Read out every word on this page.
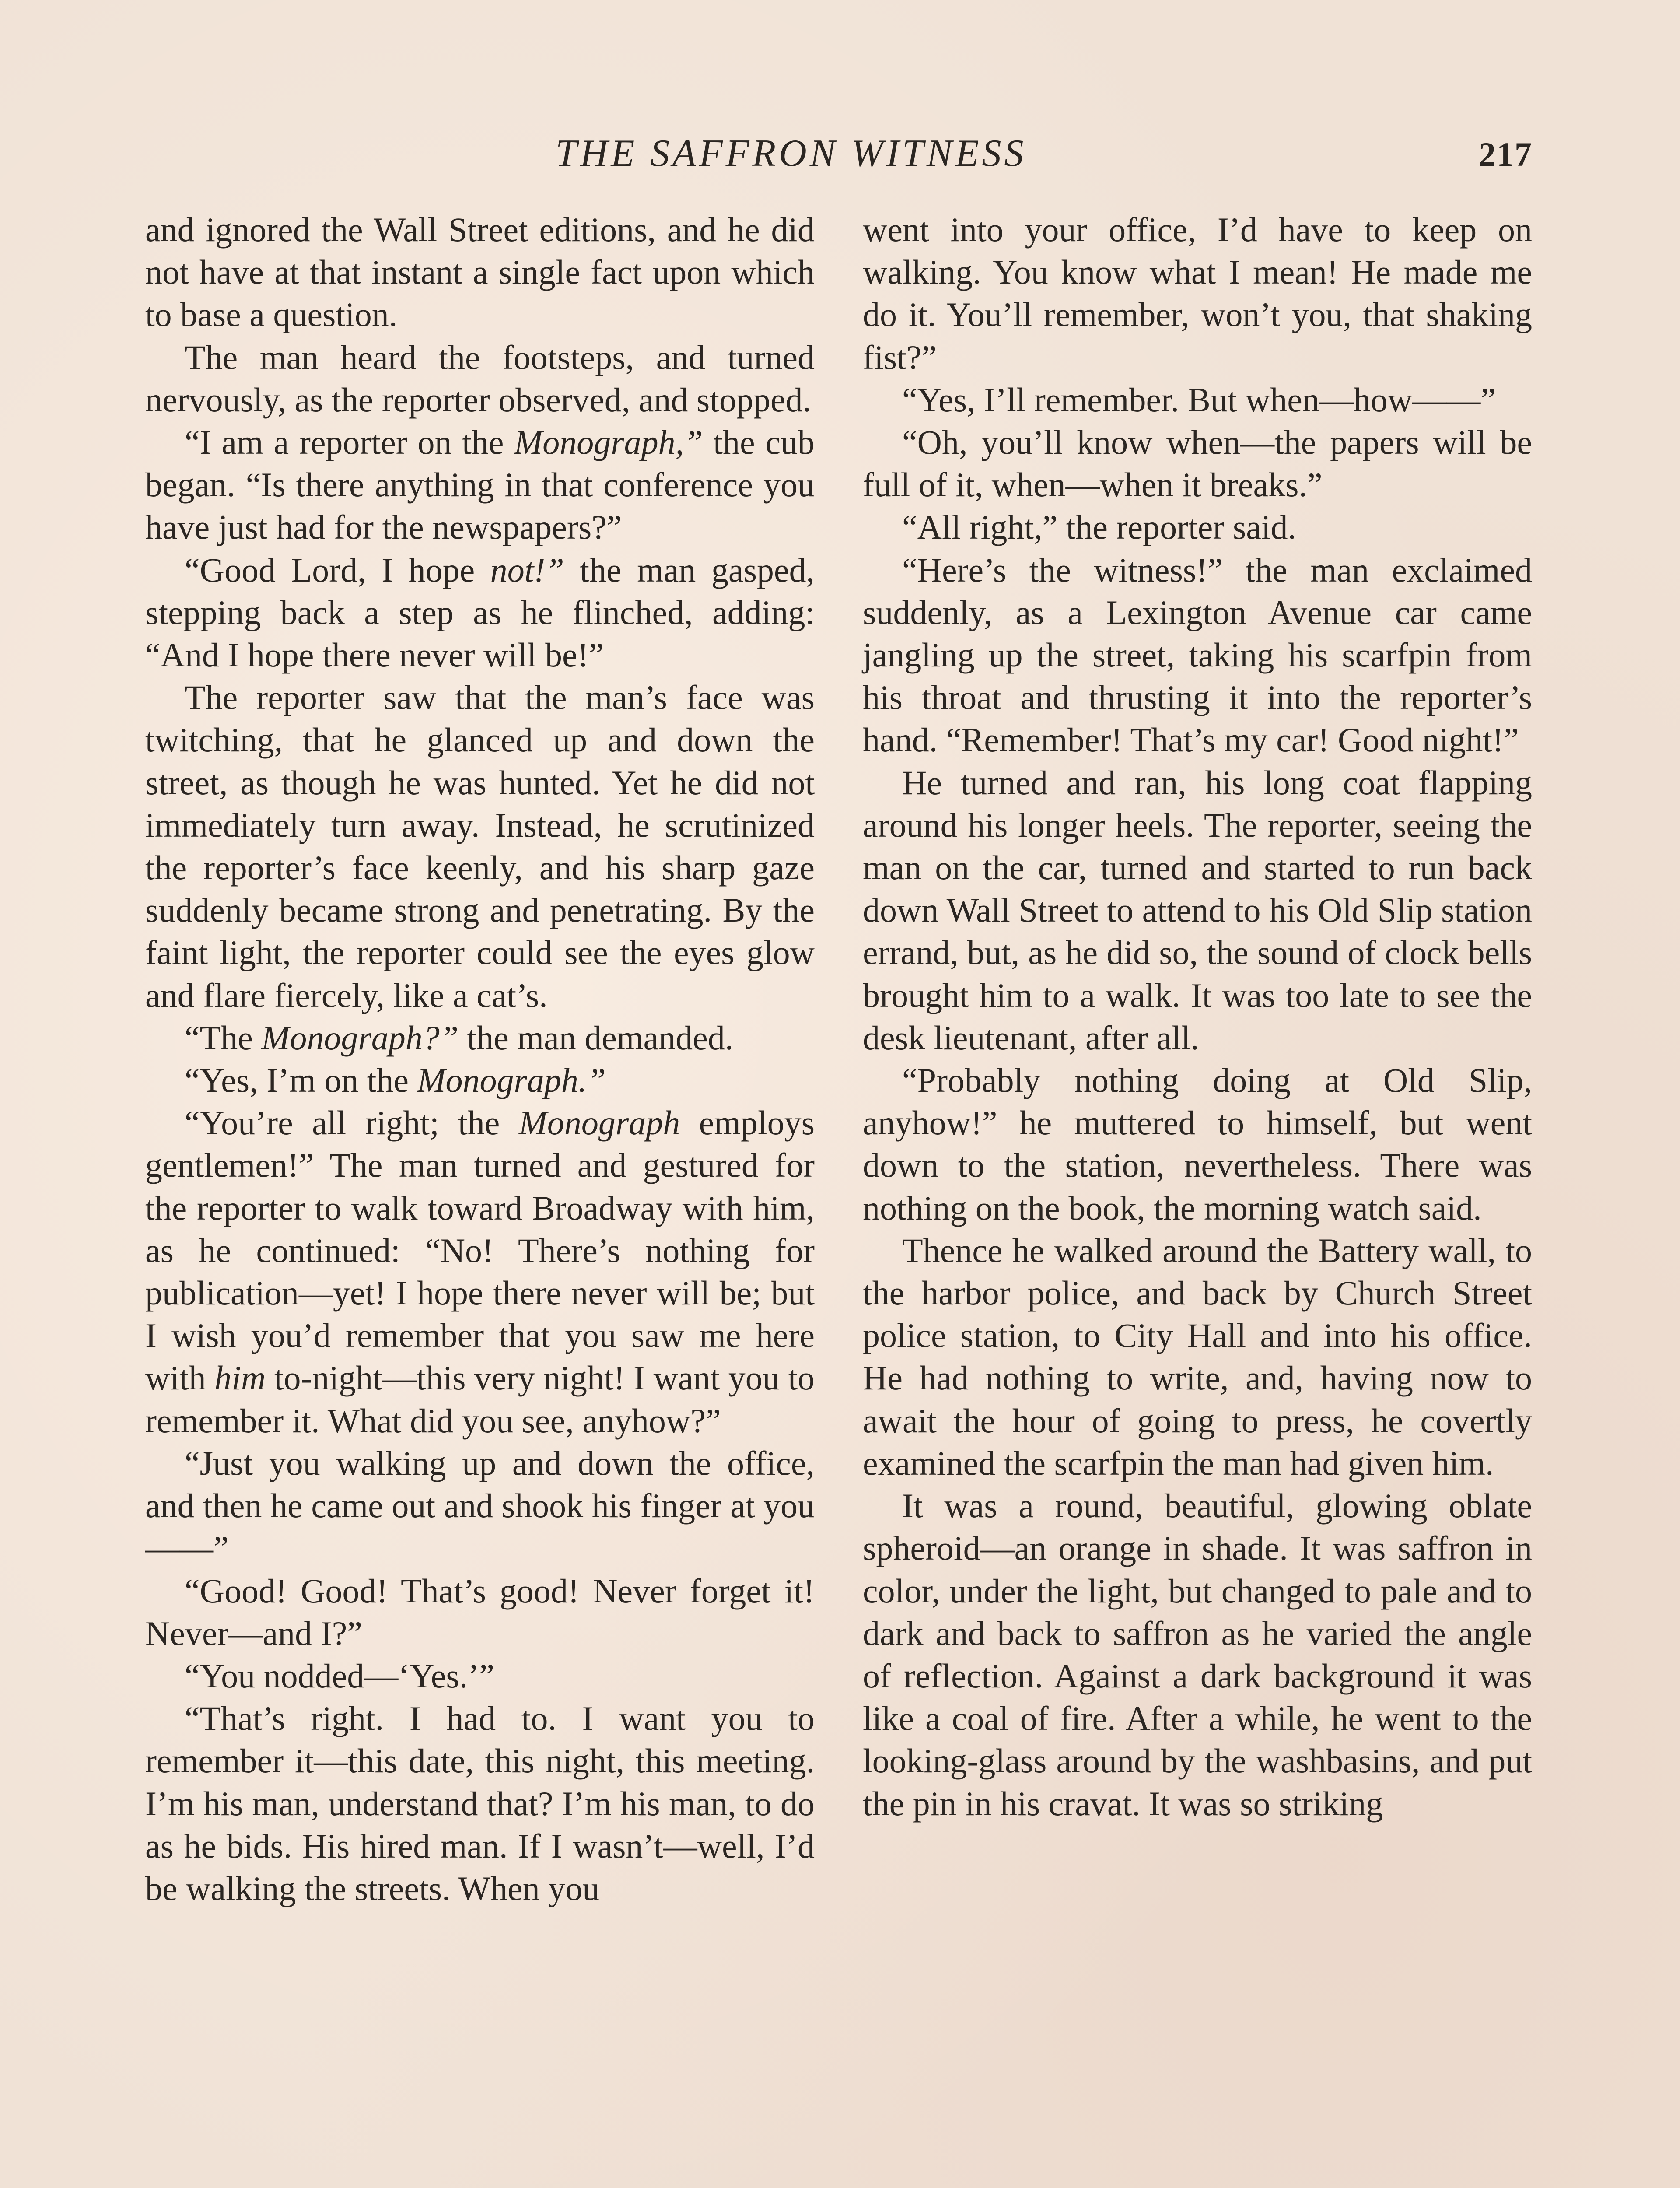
THE SAFFRON WITNESS	217

and ignored the Wall Street editions, and he did not have at that instant a single fact upon which to base a question.

The man heard the footsteps, and turned nervously, as the reporter observed, and stopped.

“I am a reporter on the Monograph,” the cub began. “Is there anything in that conference you have just had for the newspapers?”

“Good Lord, I hope not!” the man gasped, stepping back a step as he flinched, adding: “And I hope there never will be!”

The reporter saw that the man’s face was twitching, that he glanced up and down the street, as though he was hunted. Yet he did not immediately turn away. Instead, he scrutinized the reporter’s face keenly, and his sharp gaze suddenly became strong and penetrating. By the faint light, the reporter could see the eyes glow and flare fiercely, like a cat’s.

“The Monograph?” the man demanded.

“Yes, I’m on the Monograph.”

“You’re all right; the Monograph employs gentlemen!” The man turned and gestured for the reporter to walk toward Broadway with him, as he continued: “No! There’s nothing for publication—yet! I hope there never will be; but I wish you’d remember that you saw me here with him to-night—this very night! I want you to remember it. What did you see, anyhow?”

“Just you walking up and down the office, and then he came out and shook his finger at you——”

“Good! Good! That’s good! Never forget it! Never—and I?”

“You nodded—‘Yes.’”

“That’s right. I had to. I want you to remember it—this date, this night, this meeting. I’m his man, understand that? I’m his man, to do as he bids. His hired man. If I wasn’t—well, I’d be walking the streets. When you

went into your office, I’d have to keep on walking. You know what I mean! He made me do it. You’ll remember, won’t you, that shaking fist?”

“Yes, I’ll remember. But when—how——”

“Oh, you’ll know when—the papers will be full of it, when—when it breaks.”

“All right,” the reporter said.

“Here’s the witness!” the man exclaimed suddenly, as a Lexington Avenue car came jangling up the street, taking his scarfpin from his throat and thrusting it into the reporter’s hand. “Remember! That’s my car! Good night!”

He turned and ran, his long coat flapping around his longer heels. The reporter, seeing the man on the car, turned and started to run back down Wall Street to attend to his Old Slip station errand, but, as he did so, the sound of clock bells brought him to a walk. It was too late to see the desk lieutenant, after all.

“Probably nothing doing at Old Slip, anyhow!” he muttered to himself, but went down to the station, nevertheless. There was nothing on the book, the morning watch said.

Thence he walked around the Battery wall, to the harbor police, and back by Church Street police station, to City Hall and into his office. He had nothing to write, and, having now to await the hour of going to press, he covertly examined the scarfpin the man had given him.

It was a round, beautiful, glowing oblate spheroid—an orange in shade. It was saffron in color, under the light, but changed to pale and to dark and back to saffron as he varied the angle of reflection. Against a dark background it was like a coal of fire. After a while, he went to the looking-glass around by the washbasins, and put the pin in his cravat. It was so striking
